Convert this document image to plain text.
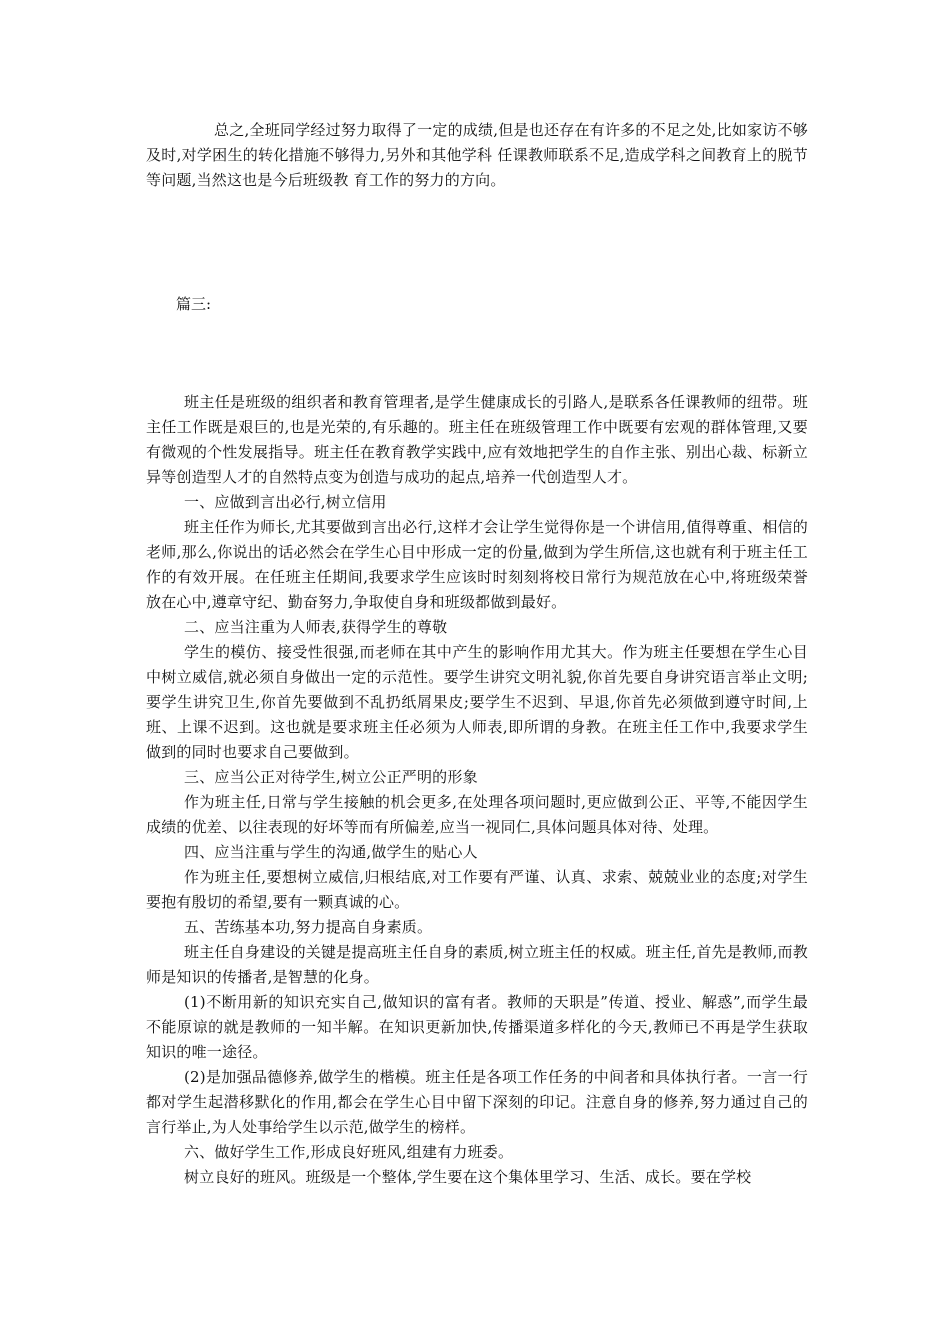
总之,全班同学经过努力取得了一定的成绩,但是也还存在有许多的不足之处,比如家访不够及时,对学困生的转化措施不够得力,另外和其他学科 任课教师联系不足,造成学科之间教育上的脱节等问题,当然这也是今后班级教 育工作的努力的方向。

篇三:

班主任是班级的组织者和教育管理者,是学生健康成长的引路人,是联系各任课教师的纽带。班主任工作既是艰巨的,也是光荣的,有乐趣的。班主任在班级管理工作中既要有宏观的群体管理,又要有微观的个性发展指导。班主任在教育教学实践中,应有效地把学生的自作主张、别出心裁、标新立异等创造型人才的自然特点变为创造与成功的起点,培养一代创造型人才。

一、应做到言出必行,树立信用

班主任作为师长,尤其要做到言出必行,这样才会让学生觉得你是一个讲信用,值得尊重、相信的老师,那么,你说出的话必然会在学生心目中形成一定的份量,做到为学生所信,这也就有利于班主任工作的有效开展。在任班主任期间,我要求学生应该时时刻刻将校日常行为规范放在心中,将班级荣誉放在心中,遵章守纪、勤奋努力,争取使自身和班级都做到最好。

二、应当注重为人师表,获得学生的尊敬

学生的模仿、接受性很强,而老师在其中产生的影响作用尤其大。作为班主任要想在学生心目中树立威信,就必须自身做出一定的示范性。要学生讲究文明礼貌,你首先要自身讲究语言举止文明;要学生讲究卫生,你首先要做到不乱扔纸屑果皮;要学生不迟到、早退,你首先必须做到遵守时间,上班、上课不迟到。这也就是要求班主任必须为人师表,即所谓的身教。在班主任工作中,我要求学生做到的同时也要求自己要做到。

三、应当公正对待学生,树立公正严明的形象

作为班主任,日常与学生接触的机会更多,在处理各项问题时,更应做到公正、平等,不能因学生成绩的优差、以往表现的好坏等而有所偏差,应当一视同仁,具体问题具体对待、处理。

四、应当注重与学生的沟通,做学生的贴心人

作为班主任,要想树立威信,归根结底,对工作要有严谨、认真、求索、兢兢业业的态度;对学生要抱有殷切的希望,要有一颗真诚的心。

五、苦练基本功,努力提高自身素质。

班主任自身建设的关键是提高班主任自身的素质,树立班主任的权威。班主任,首先是教师,而教师是知识的传播者,是智慧的化身。

(1)不断用新的知识充实自己,做知识的富有者。教师的天职是”传道、授业、解惑”,而学生最不能原谅的就是教师的一知半解。在知识更新加快,传播渠道多样化的今天,教师已不再是学生获取知识的唯一途径。

(2)是加强品德修养,做学生的楷模。班主任是各项工作任务的中间者和具体执行者。一言一行都对学生起潜移默化的作用,都会在学生心目中留下深刻的印记。注意自身的修养,努力通过自己的言行举止,为人处事给学生以示范,做学生的榜样。

六、做好学生工作,形成良好班风,组建有力班委。

树立良好的班风。班级是一个整体,学生要在这个集体里学习、生活、成长。要在学校
